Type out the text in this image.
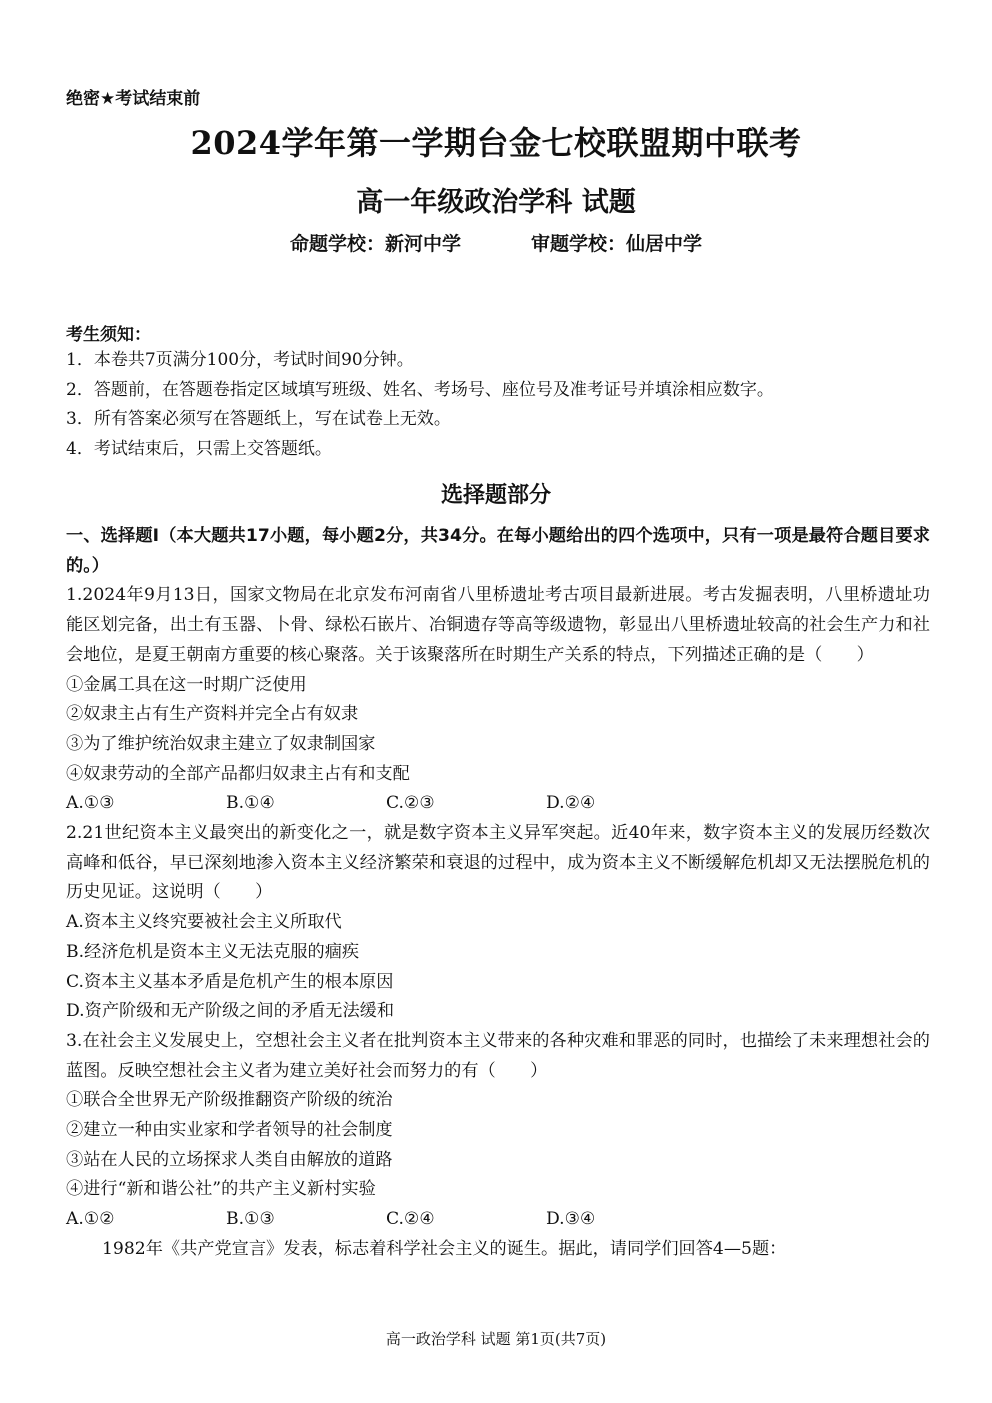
绝密★考试结束前
2024学年第一学期台金七校联盟期中联考
高一年级政治学科 试题
命题学校：新河中学	审题学校：仙居中学
考生须知：
1．本卷共7页满分100分，考试时间90分钟。
2．答题前，在答题卷指定区域填写班级、姓名、考场号、座位号及准考证号并填涂相应数字。
3．所有答案必须写在答题纸上，写在试卷上无效。
4．考试结束后，只需上交答题纸。
选择题部分
一、选择题Ⅰ（本大题共17小题，每小题2分，共34分。在每小题给出的四个选项中，只有一项是最符合题目要求的。）
1.2024年9月13日，国家文物局在北京发布河南省八里桥遗址考古项目最新进展。考古发掘表明，八里桥遗址功能区划完备，出土有玉器、卜骨、绿松石嵌片、冶铜遗存等高等级遗物，彰显出八里桥遗址较高的社会生产力和社会地位，是夏王朝南方重要的核心聚落。关于该聚落所在时期生产关系的特点，下列描述正确的是（　　）
①金属工具在这一时期广泛使用
②奴隶主占有生产资料并完全占有奴隶
③为了维护统治奴隶主建立了奴隶制国家
④奴隶劳动的全部产品都归奴隶主占有和支配
A.①③	B.①④	C.②③	D.②④
2.21世纪资本主义最突出的新变化之一，就是数字资本主义异军突起。近40年来，数字资本主义的发展历经数次高峰和低谷，早已深刻地渗入资本主义经济繁荣和衰退的过程中，成为资本主义不断缓解危机却又无法摆脱危机的历史见证。这说明（　　）
A.资本主义终究要被社会主义所取代
B.经济危机是资本主义无法克服的痼疾
C.资本主义基本矛盾是危机产生的根本原因
D.资产阶级和无产阶级之间的矛盾无法缓和
3.在社会主义发展史上，空想社会主义者在批判资本主义带来的各种灾难和罪恶的同时，也描绘了未来理想社会的蓝图。反映空想社会主义者为建立美好社会而努力的有（　　）
①联合全世界无产阶级推翻资产阶级的统治
②建立一种由实业家和学者领导的社会制度
③站在人民的立场探求人类自由解放的道路
④进行“新和谐公社”的共产主义新村实验
A.①②	B.①③	C.②④	D.③④
1982年《共产党宣言》发表，标志着科学社会主义的诞生。据此，请同学们回答4—5题：
高一政治学科 试题 第1页(共7页)
